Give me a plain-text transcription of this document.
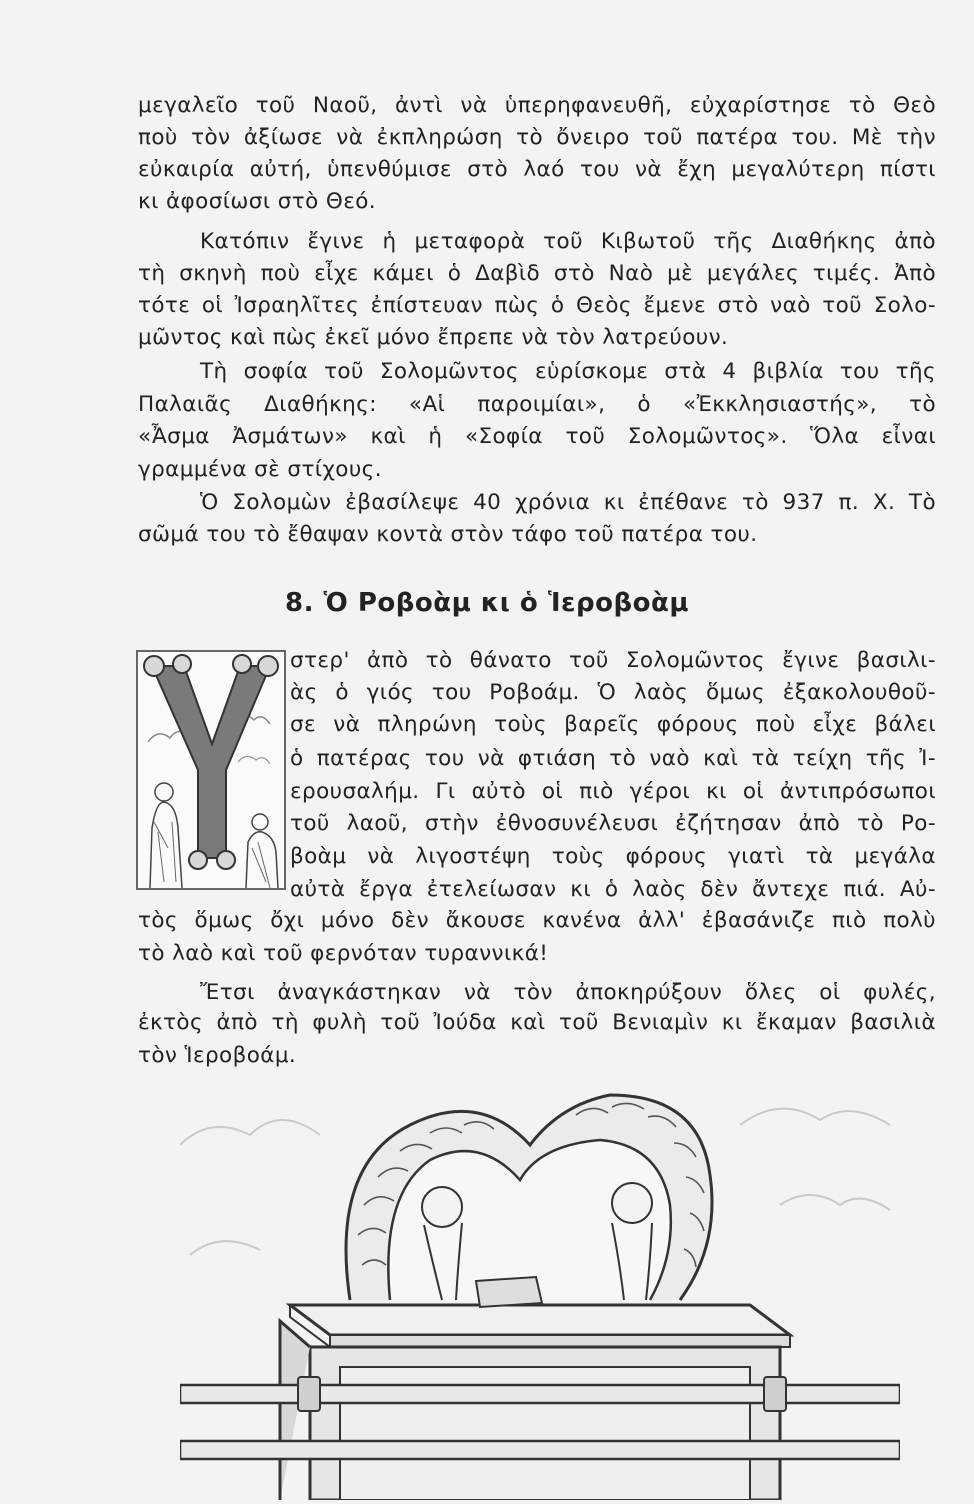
μεγαλεῖο τοῦ Ναοῦ, ἀντὶ νὰ ὑπερηφανευθῆ, εὐχαρίστησε τὸ Θεὸ
ποὺ τὸν ἀξίωσε νὰ ἐκπληρώση τὸ ὄνειρο τοῦ πατέρα του. Μὲ τὴν
εὐκαιρία αὐτή, ὑπενθύμισε στὸ λαό του νὰ ἔχη μεγαλύτερη πίστι
κι ἀφοσίωσι στὸ Θεό.
Κατόπιν ἔγινε ἡ μεταφορὰ τοῦ Κιβωτοῦ τῆς Διαθήκης ἀπὸ
τὴ σκηνὴ ποὺ εἶχε κάμει ὁ Δαβὶδ στὸ Ναὸ μὲ μεγάλες τιμές. Ἀπὸ
τότε οἱ Ἰσραηλῖτες ἐπίστευαν πὼς ὁ Θεὸς ἔμενε στὸ ναὸ τοῦ Σολο-
μῶντος καὶ πὼς ἐκεῖ μόνο ἔπρεπε νὰ τὸν λατρεύουν.
Τὴ σοφία τοῦ Σολομῶντος εὑρίσκομε στὰ 4 βιβλία του τῆς
Παλαιᾶς Διαθήκης: «Αἱ παροιμίαι», ὁ «Ἐκκλησιαστής», τὸ
«Ἆσμα Ἀσμάτων» καὶ ἡ «Σοφία τοῦ Σολομῶντος». Ὅλα εἶναι
γραμμένα σὲ στίχους.
Ὁ Σολομὼν ἐβασίλεψε 40 χρόνια κι ἐπέθανε τὸ 937 π. Χ. Τὸ
σῶμά του τὸ ἔθαψαν κοντὰ στὸν τάφο τοῦ πατέρα του.
8. Ὁ Ροβοὰμ κι ὁ Ἱεροβοὰμ
στερ' ἀπὸ τὸ θάνατο τοῦ Σολομῶντος ἔγινε βασιλι-
ὰς ὁ γιός του Ροβοάμ. Ὁ λαὸς ὅμως ἐξακολουθοῦ-
σε νὰ πληρώνη τοὺς βαρεῖς φόρους ποὺ εἶχε βάλει
ὁ πατέρας του νὰ φτιάση τὸ ναὸ καὶ τὰ τείχη τῆς Ἰ-
ερουσαλήμ. Γι αὐτὸ οἱ πιὸ γέροι κι οἱ ἀντιπρόσωποι
τοῦ λαοῦ, στὴν ἐθνοσυνέλευσι ἐζήτησαν ἀπὸ τὸ Ρο-
βοὰμ νὰ λιγοστέψη τοὺς φόρους γιατὶ τὰ μεγάλα
αὐτὰ ἔργα ἐτελείωσαν κι ὁ λαὸς δὲν ἄντεχε πιά. Αὐ-
τὸς ὅμως ὄχι μόνο δὲν ἄκουσε κανένα ἀλλ' ἐβασάνιζε πιὸ πολὺ
τὸ λαὸ καὶ τοῦ φερνόταν τυραννικά!
Ἔτσι ἀναγκάστηκαν νὰ τὸν ἀποκηρύξουν ὅλες οἱ φυλές,
ἐκτὸς ἀπὸ τὴ φυλὴ τοῦ Ἰούδα καὶ τοῦ Βενιαμὶν κι ἔκαμαν βασιλιὰ
τὸν Ἱεροβοάμ.
